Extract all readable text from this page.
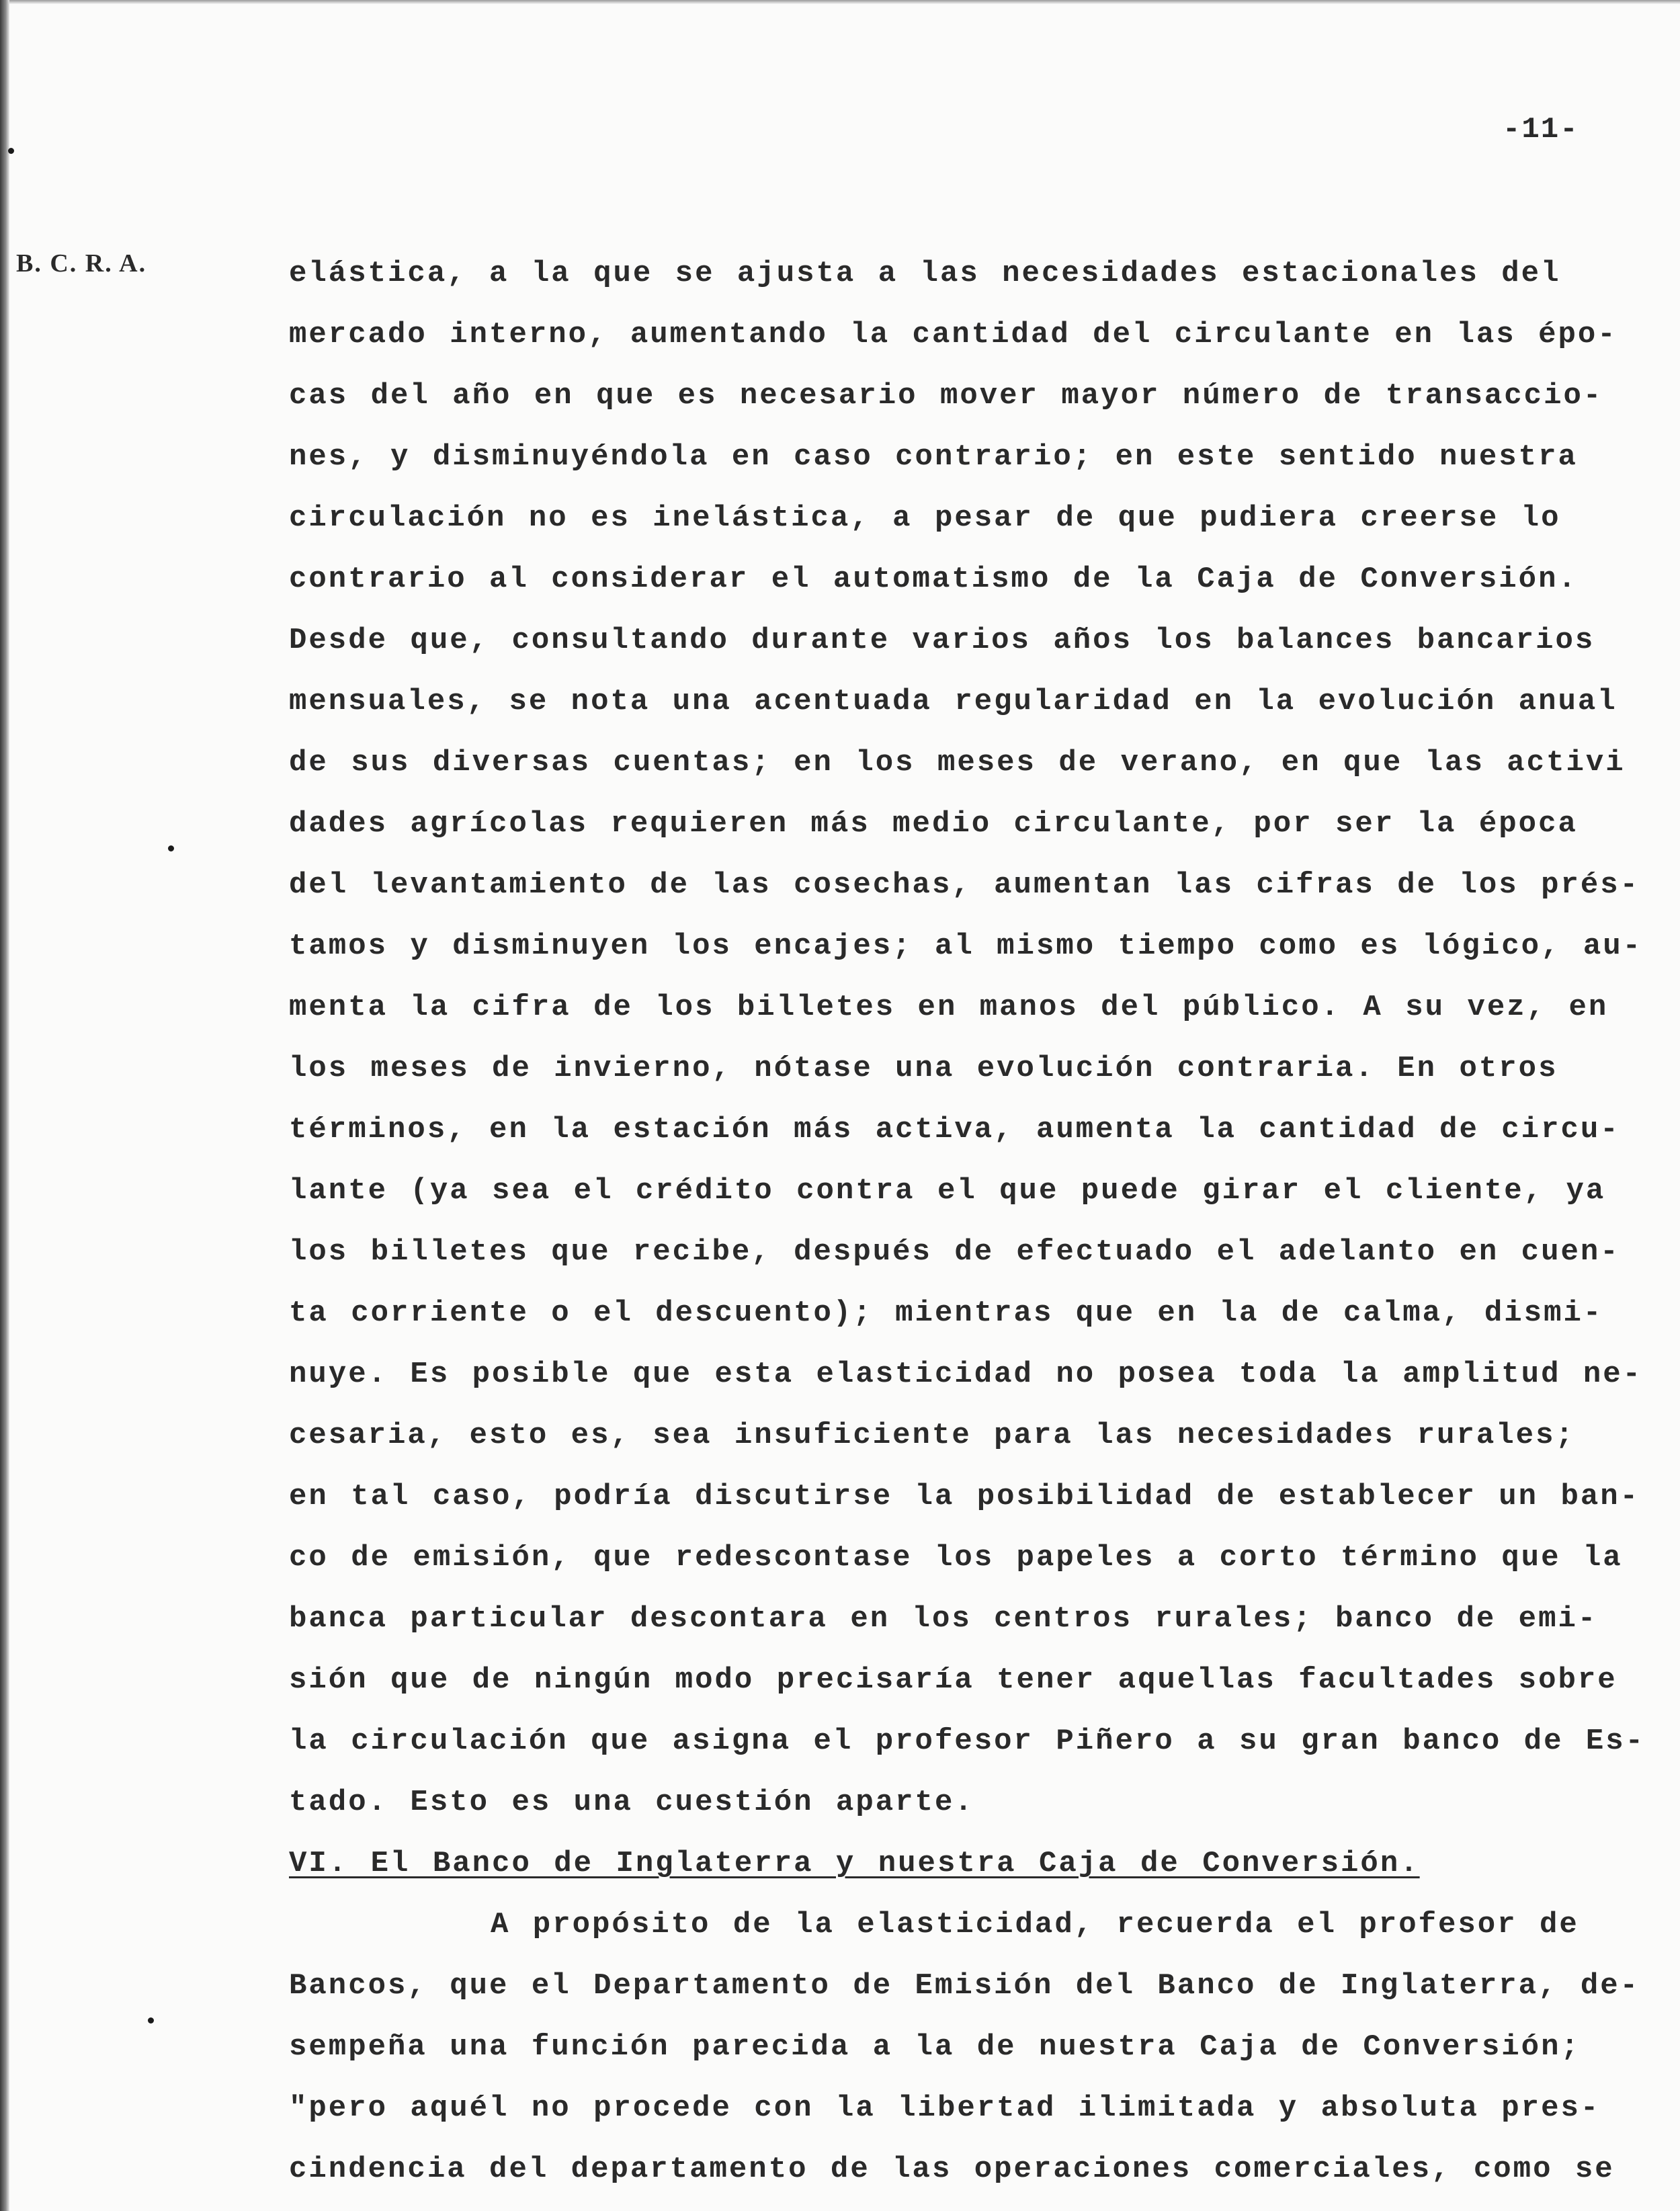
-11-
B. C. R. A.	elástica, a la que se ajusta a las necesidades estacionales del
mercado interno, aumentando la cantidad del circulante en las épo-
cas del año en que es necesario mover mayor número de transaccio-
nes, y disminuyéndola en caso contrario; en este sentido nuestra
circulación no es inelástica, a pesar de que pudiera creerse lo
contrario al considerar el automatismo de la Caja de Conversión.
Desde que, consultando durante varios años los balances bancarios
mensuales, se nota una acentuada regularidad en la evolución anual
de sus diversas cuentas; en los meses de verano, en que las activi
dades agrícolas requieren más medio circulante, por ser la época
del levantamiento de las cosechas, aumentan las cifras de los prés-
tamos y disminuyen los encajes; al mismo tiempo como es lógico, au-
menta la cifra de los billetes en manos del público. A su vez, en
los meses de invierno, nótase una evolución contraria. En otros
términos, en la estación más activa, aumenta la cantidad de circu-
lante (ya sea el crédito contra el que puede girar el cliente, ya
los billetes que recibe, después de efectuado el adelanto en cuen-
ta corriente o el descuento); mientras que en la de calma, dismi-
nuye. Es posible que esta elasticidad no posea toda la amplitud ne-
cesaria, esto es, sea insuficiente para las necesidades rurales;
en tal caso, podría discutirse la posibilidad de establecer un ban-
co de emisión, que redescontase los papeles a corto término que la
banca particular descontara en los centros rurales; banco de emi-
sión que de ningún modo precisaría tener aquellas facultades sobre
la circulación que asigna el profesor Piñero a su gran banco de Es-
tado. Esto es una cuestión aparte.
VI. El Banco de Inglaterra y nuestra Caja de Conversión.
A propósito de la elasticidad, recuerda el profesor de
Bancos, que el Departamento de Emisión del Banco de Inglaterra, de-
sempeña una función parecida a la de nuestra Caja de Conversión;
"pero aquél no procede con la libertad ilimitada y absoluta pres-
cindencia del departamento de las operaciones comerciales, como se
